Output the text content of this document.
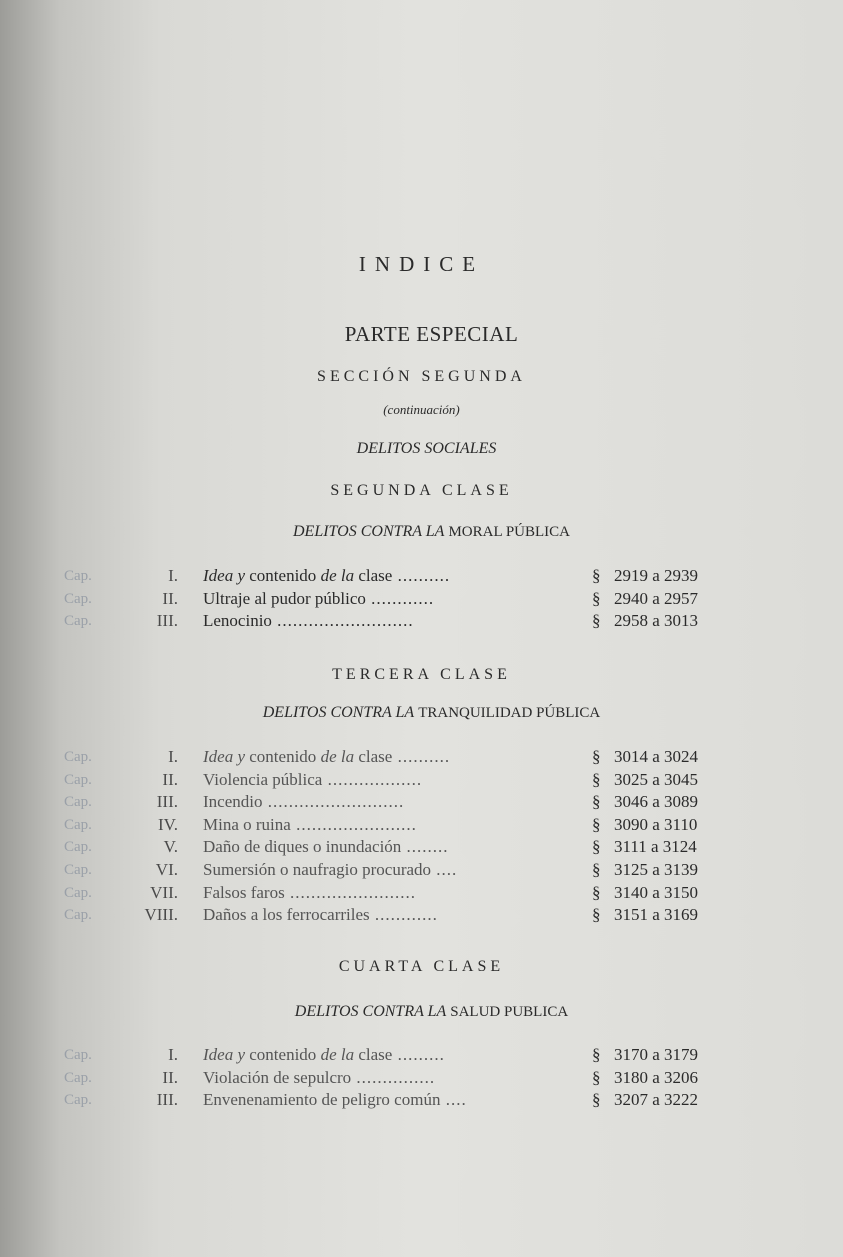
INDICE
PARTE ESPECIAL
SECCIÓN SEGUNDA
(continuación)
DELITOS SOCIALES
SEGUNDA CLASE
DELITOS CONTRA LA MORAL PÚBLICA
Cap.	I. Idea y contenido de la clase ..........	§ 2919 a 2939
Cap.	II. Ultraje al pudor público ............	§ 2940 a 2957
Cap.	III. Lenocinio ..........................	§ 2958 a 3013
TERCERA CLASE
DELITOS CONTRA LA TRANQUILIDAD PÚBLICA
Cap.	I. Idea y contenido de la clase ..........	§ 3014 a 3024
Cap.	II. Violencia pública ..................	§ 3025 a 3045
Cap.	III. Incendio ..........................	§ 3046 a 3089
Cap.	IV. Mina o ruina .......................	§ 3090 a 3110
Cap.	V. Daño de diques o inundación ........	§ 3111 a 3124
Cap.	VI. Sumersión o naufragio procurado ....	§ 3125 a 3139
Cap.	VII. Falsos faros ........................	§ 3140 a 3150
Cap.	VIII. Daños a los ferrocarriles ............	§ 3151 a 3169
CUARTA CLASE
DELITOS CONTRA LA SALUD PUBLICA
Cap.	I. Idea y contenido de la clase .........	§ 3170 a 3179
Cap.	II. Violación de sepulcro ...............	§ 3180 a 3206
Cap.	III. Envenenamiento de peligro común ....	§ 3207 a 3222
